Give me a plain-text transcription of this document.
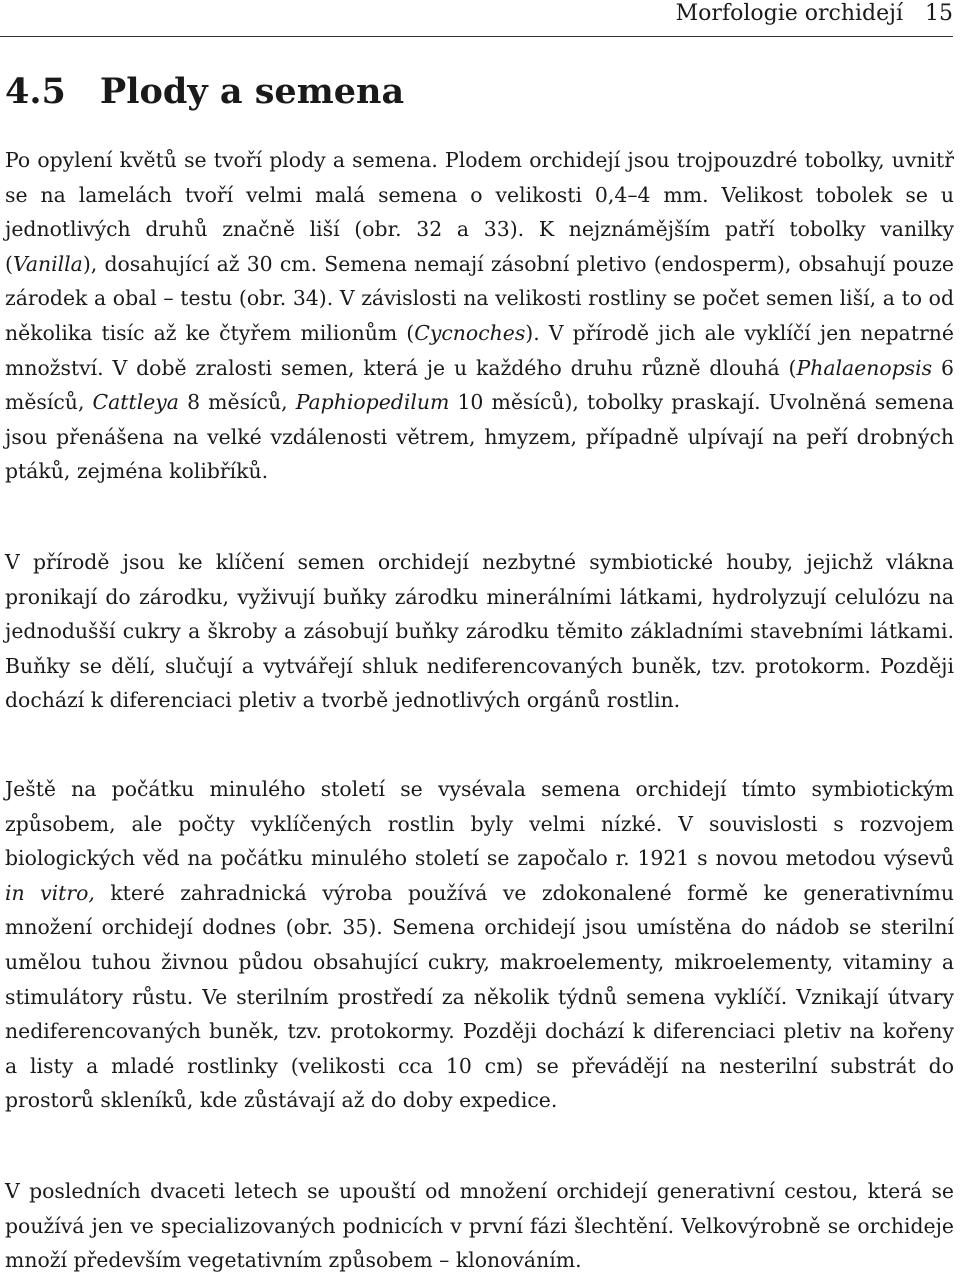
Morfologie orchidejí 15
4.5 Plody a semena

Po opylení květů se tvoří plody a semena. Plodem orchidejí jsou trojpouzdré tobolky, uvnitř se na lamelách tvoří velmi malá semena o velikosti 0,4–4 mm. Velikost tobolek se u jednotlivých druhů značně liší (obr. 32 a 33). K nejznámějším patří tobolky vanilky (Vanilla), dosahující až 30 cm. Semena nemají zásobní pletivo (endosperm), obsahují pouze zárodek a obal – testu (obr. 34). V závislosti na velikosti rostliny se počet semen liší, a to od několika tisíc až ke čtyřem milionům (Cycnoches). V přírodě jich ale vyklíčí jen nepatrné množství. V době zralosti semen, která je u každého druhu různě dlouhá (Phalaenopsis 6 měsíců, Cattleya 8 měsíců, Paphiopedilum 10 měsíců), tobolky praskají. Uvolněná semena jsou přenášena na velké vzdálenosti větrem, hmyzem, případně ulpívají na peří drobných ptáků, zejména kolibříků.

V přírodě jsou ke klíčení semen orchidejí nezbytné symbiotické houby, jejichž vlákna pronikají do zárodku, vyživují buňky zárodku minerálními látkami, hydrolyzují celulózu na jednodušší cukry a škroby a zásobují buňky zárodku těmito základními stavebními látkami. Buňky se dělí, slučují a vytvářejí shluk nediferencovaných buněk, tzv. protokorm. Později dochází k diferenciaci pletiv a tvorbě jednotlivých orgánů rostlin.

Ještě na počátku minulého století se vysévala semena orchidejí tímto symbiotickým způsobem, ale počty vyklíčených rostlin byly velmi nízké. V souvislosti s rozvojem biologických věd na počátku minulého století se započalo r. 1921 s novou metodou výsevů in vitro, které zahradnická výroba používá ve zdokonalené formě ke generativnímu množení orchidejí dodnes (obr. 35). Semena orchidejí jsou umístěna do nádob se sterilní umělou tuhou živnou půdou obsahující cukry, makroelementy, mikroelementy, vitaminy a stimulátory růstu. Ve sterilním prostředí za několik týdnů semena vyklíčí. Vznikají útvary nediferencovaných buněk, tzv. protokormy. Později dochází k diferenciaci pletiv na kořeny a listy a mladé rostlinky (velikosti cca 10 cm) se převádějí na nesterilní substrát do prostorů skleníků, kde zůstávají až do doby expedice.

V posledních dvaceti letech se upouští od množení orchidejí generativní cestou, která se používá jen ve specializovaných podnicích v první fázi šlechtění. Velkovýrobně se orchideje množí především vegetativním způsobem – klonováním.
